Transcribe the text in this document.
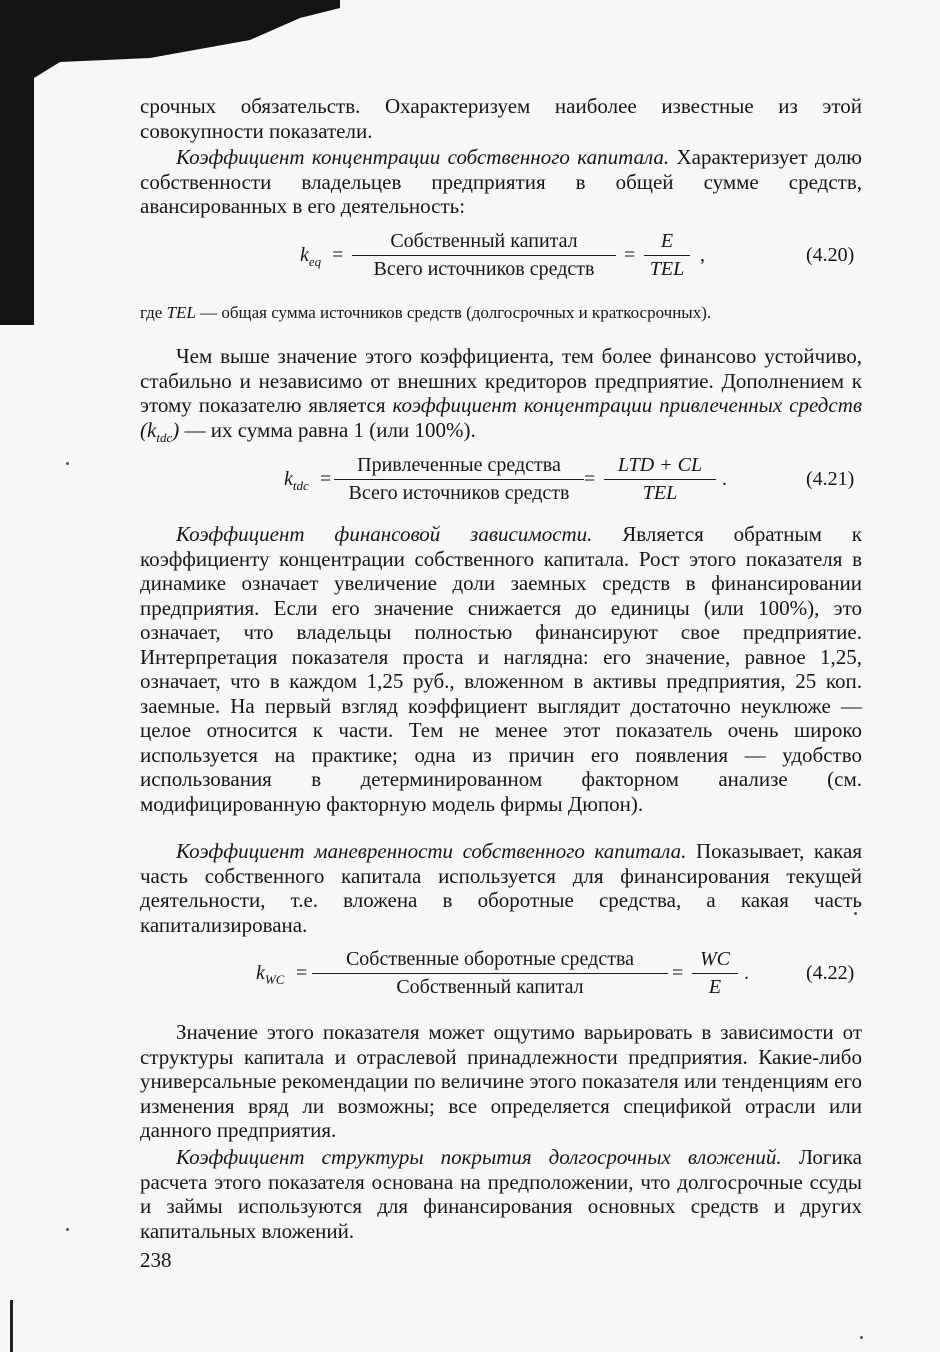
срочных обязательств. Охарактеризуем наиболее известные из этой совокупности показатели.

Коэффициент концентрации собственного капитала. Характеризует долю собственности владельцев предприятия в общей сумме средств, авансированных в его деятельность:

$k_{eq}$ =
Собственный капитал
Всего источников средств
=
E
TEL
,	(4.20)

где TEL — общая сумма источников средств (долгосрочных и краткосрочных).

Чем выше значение этого коэффициента, тем более финансово устойчиво, стабильно и независимо от внешних кредиторов предприятие. Дополнением к этому показателю является коэффициент концентрации привлеченных средств $(k_{tdc})$ — их сумма равна 1 (или 100%).

$k_{tdc}$ =
Привлеченные средства
Всего источников средств
=
LTD + CL
TEL
.	(4.21)

Коэффициент финансовой зависимости. Является обратным к коэффициенту концентрации собственного капитала. Рост этого показателя в динамике означает увеличение доли заемных средств в финансировании предприятия. Если его значение снижается до единицы (или 100%), это означает, что владельцы полностью финансируют свое предприятие. Интерпретация показателя проста и наглядна: его значение, равное 1,25, означает, что в каждом 1,25 руб., вложенном в активы предприятия, 25 коп. заемные. На первый взгляд коэффициент выглядит достаточно неуклюже — целое относится к части. Тем не менее этот показатель очень широко используется на практике; одна из причин его появления — удобство использования в детерминированном факторном анализе (см. модифицированную факторную модель фирмы Дюпон).

Коэффициент маневренности собственного капитала. Показывает, какая часть собственного капитала используется для финансирования текущей деятельности, т.е. вложена в оборотные средства, а какая часть капитализирована.

$k_{WC}$ =
Собственные оборотные средства
Собственный капитал
= $\frac{WC}{E}$ .	(4.22)

Значение этого показателя может ощутимо варьировать в зависимости от структуры капитала и отраслевой принадлежности предприятия. Какие-либо универсальные рекомендации по величине этого показателя или тенденциям его изменения вряд ли возможны; все определяется спецификой отрасли или данного предприятия.

Коэффициент структуры покрытия долгосрочных вложений. Логика расчета этого показателя основана на предположении, что долгосрочные ссуды и займы используются для финансирования основных средств и других капитальных вложений.

238
